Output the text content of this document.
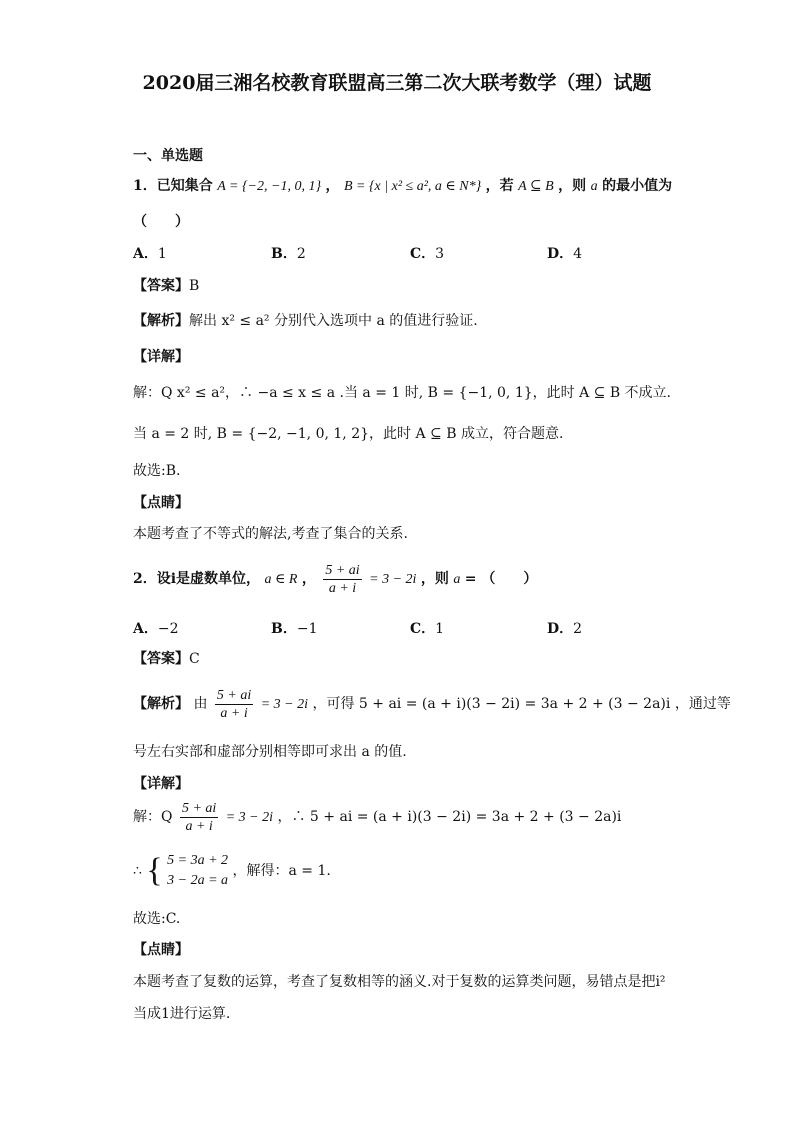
2020届三湘名校教育联盟高三第二次大联考数学（理）试题
一、单选题
1．已知集合 A = {−2, −1, 0, 1} ， B = {x | x² ≤ a², a ∈ N*} ，若 A ⊆ B ，则 a 的最小值为
（　　）
A．1	B．2	C．3	D．4
【答案】B
【解析】解出 x² ≤ a² 分别代入选项中 a 的值进行验证.
【详解】
解：Q x² ≤ a²，∴ −a ≤ x ≤ a .当 a = 1 时, B = {−1, 0, 1}，此时 A ⊆ B 不成立.
当 a = 2 时, B = {−2, −1, 0, 1, 2}，此时 A ⊆ B 成立，符合题意.
故选:B.
【点睛】
本题考查了不等式的解法,考查了集合的关系.
2．设i是虚数单位， a ∈ R ， $\frac{5 + ai}{a + i} = 3 - 2i$ ，则 a = （　　）
A．−2	B．−1	C．1	D．2
【答案】C
【解析】 由 $\frac{5 + ai}{a + i} = 3 - 2i$ ，可得 5 + ai = (a + i)(3 − 2i) = 3a + 2 + (3 − 2a)i ，通过等
号左右实部和虚部分别相等即可求出 a 的值.
【详解】
解：Q $\frac{5 + ai}{a + i} = 3 - 2i$ ，∴ 5 + ai = (a + i)(3 − 2i) = 3a + 2 + (3 − 2a)i
∴ { 5 = 3a + 2
3 − 2a = a
，解得：a = 1.
故选:C.
【点睛】
本题考查了复数的运算，考查了复数相等的涵义.对于复数的运算类问题，易错点是把i²
当成1进行运算.
